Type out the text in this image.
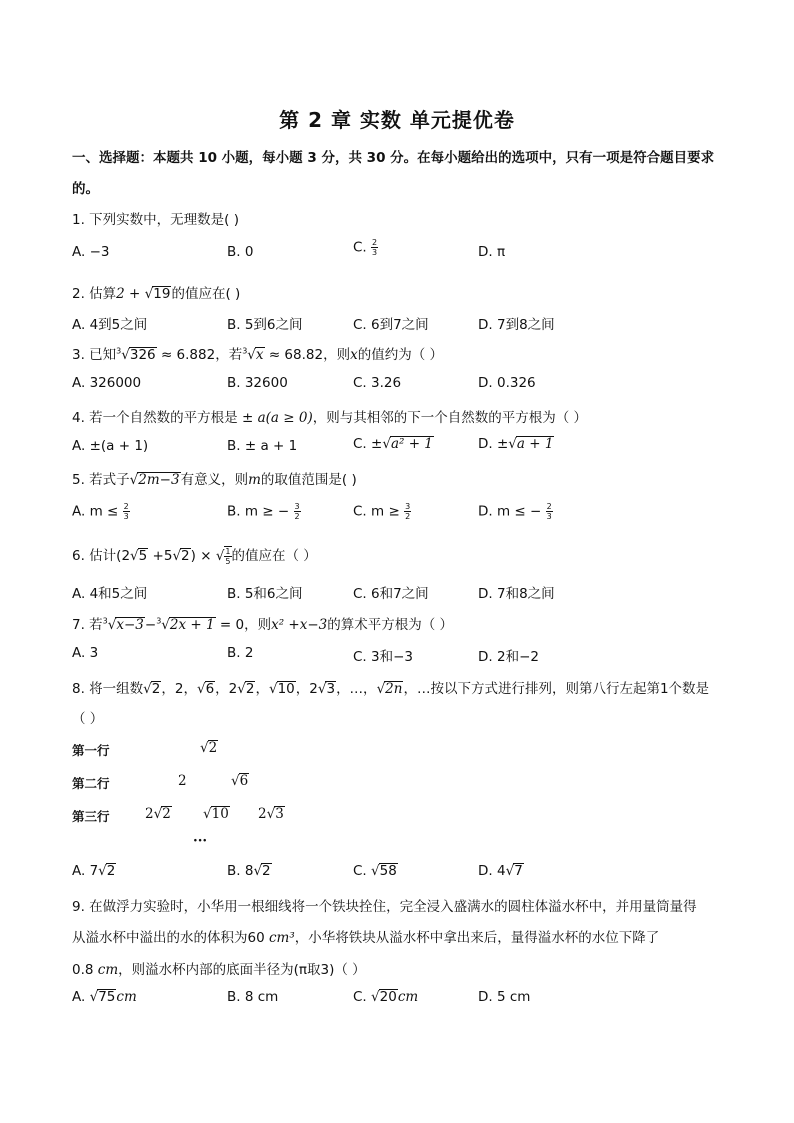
第 2 章 实数 单元提优卷
一、选择题：本题共 10 小题，每小题 3 分，共 30 分。在每小题给出的选项中，只有一项是符合题目要求
的。
1. 下列实数中，无理数是( )
A. −3	B. 0	C. $\frac{2}{3}$	D. π
2. 估算2 + √19的值应在( )
A. 4到5之间	B. 5到6之间	C. 6到7之间	D. 7到8之间
3. 已知$^3$√326 ≈ 6.882，若$^3$√x ≈ 68.82，则x的值约为（ ）
A. 326000	B. 32600	C. 3.26	D. 0.326
4. 若一个自然数的平方根是 ± a(a ≥ 0)，则与其相邻的下一个自然数的平方根为（ ）
A. ±(a + 1)	B. ± a + 1	C. ±√a² + 1	D. ±√a + 1
5. 若式子√2m−3有意义，则m的取值范围是( )
A. $m \le \frac{2}{3}$	B. m ≥ − $\frac{3}{2}$	C. $m \ge \frac{3}{2}$	D. m ≤ − $\frac{2}{3}$
6. 估计(2√5 +5√2) × √ $\frac{1}{5}$ 的值应在（ ）
A. 4和5之间	B. 5和6之间	C. 6和7之间	D. 7和8之间
7. 若$^3$√x−3−$^3$√2x + 1 = 0，则x² +x−3的算术平方根为（ ）
A. 3	B. 2	C. 3和−3	D. 2和−2
8. 将一组数√2，2，√6，2√2，√10，2√3，…，√2n，…按以下方式进行排列，则第八行左起第1个数是
（ ）
第一行	√2
第二行	2	√6
第三行	2√2 √10 2√3
···
A. 7√2	B. 8√2	C. √58	D. 4√7
9. 在做浮力实验时，小华用一根细线将一个铁块拴住，完全浸入盛满水的圆柱体溢水杯中，并用量筒量得
从溢水杯中溢出的水的体积为60 cm³，小华将铁块从溢水杯中拿出来后，量得溢水杯的水位下降了
0.8 cm，则溢水杯内部的底面半径为(π取3)（ ）
A. √75cm	B. 8 cm	C. √20cm	D. 5 cm
